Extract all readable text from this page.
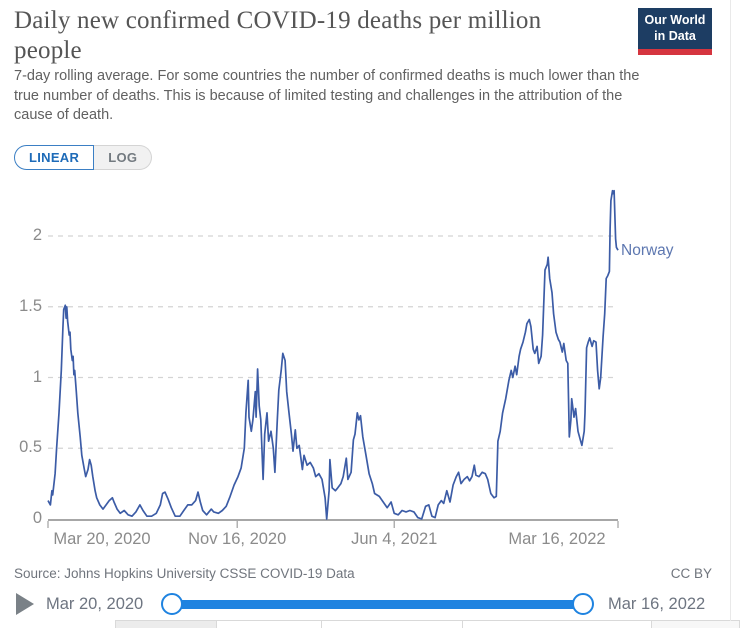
Daily new confirmed COVID-19 deaths per million people
Our World
in Data

7-day rolling average. For some countries the number of confirmed deaths is much lower than the true number of deaths. This is because of limited testing and challenges in the attribution of the cause of death.

LINEAR	LOG
0
0.5
1
1.5
2
Mar 20, 2020 Nov 16, 2020	Jun 4, 2021	Mar 16, 2022
Norway
Source: Johns Hopkins University CSSE COVID-19 Data	CC BY
Mar 20, 2020	Mar 16, 2022
